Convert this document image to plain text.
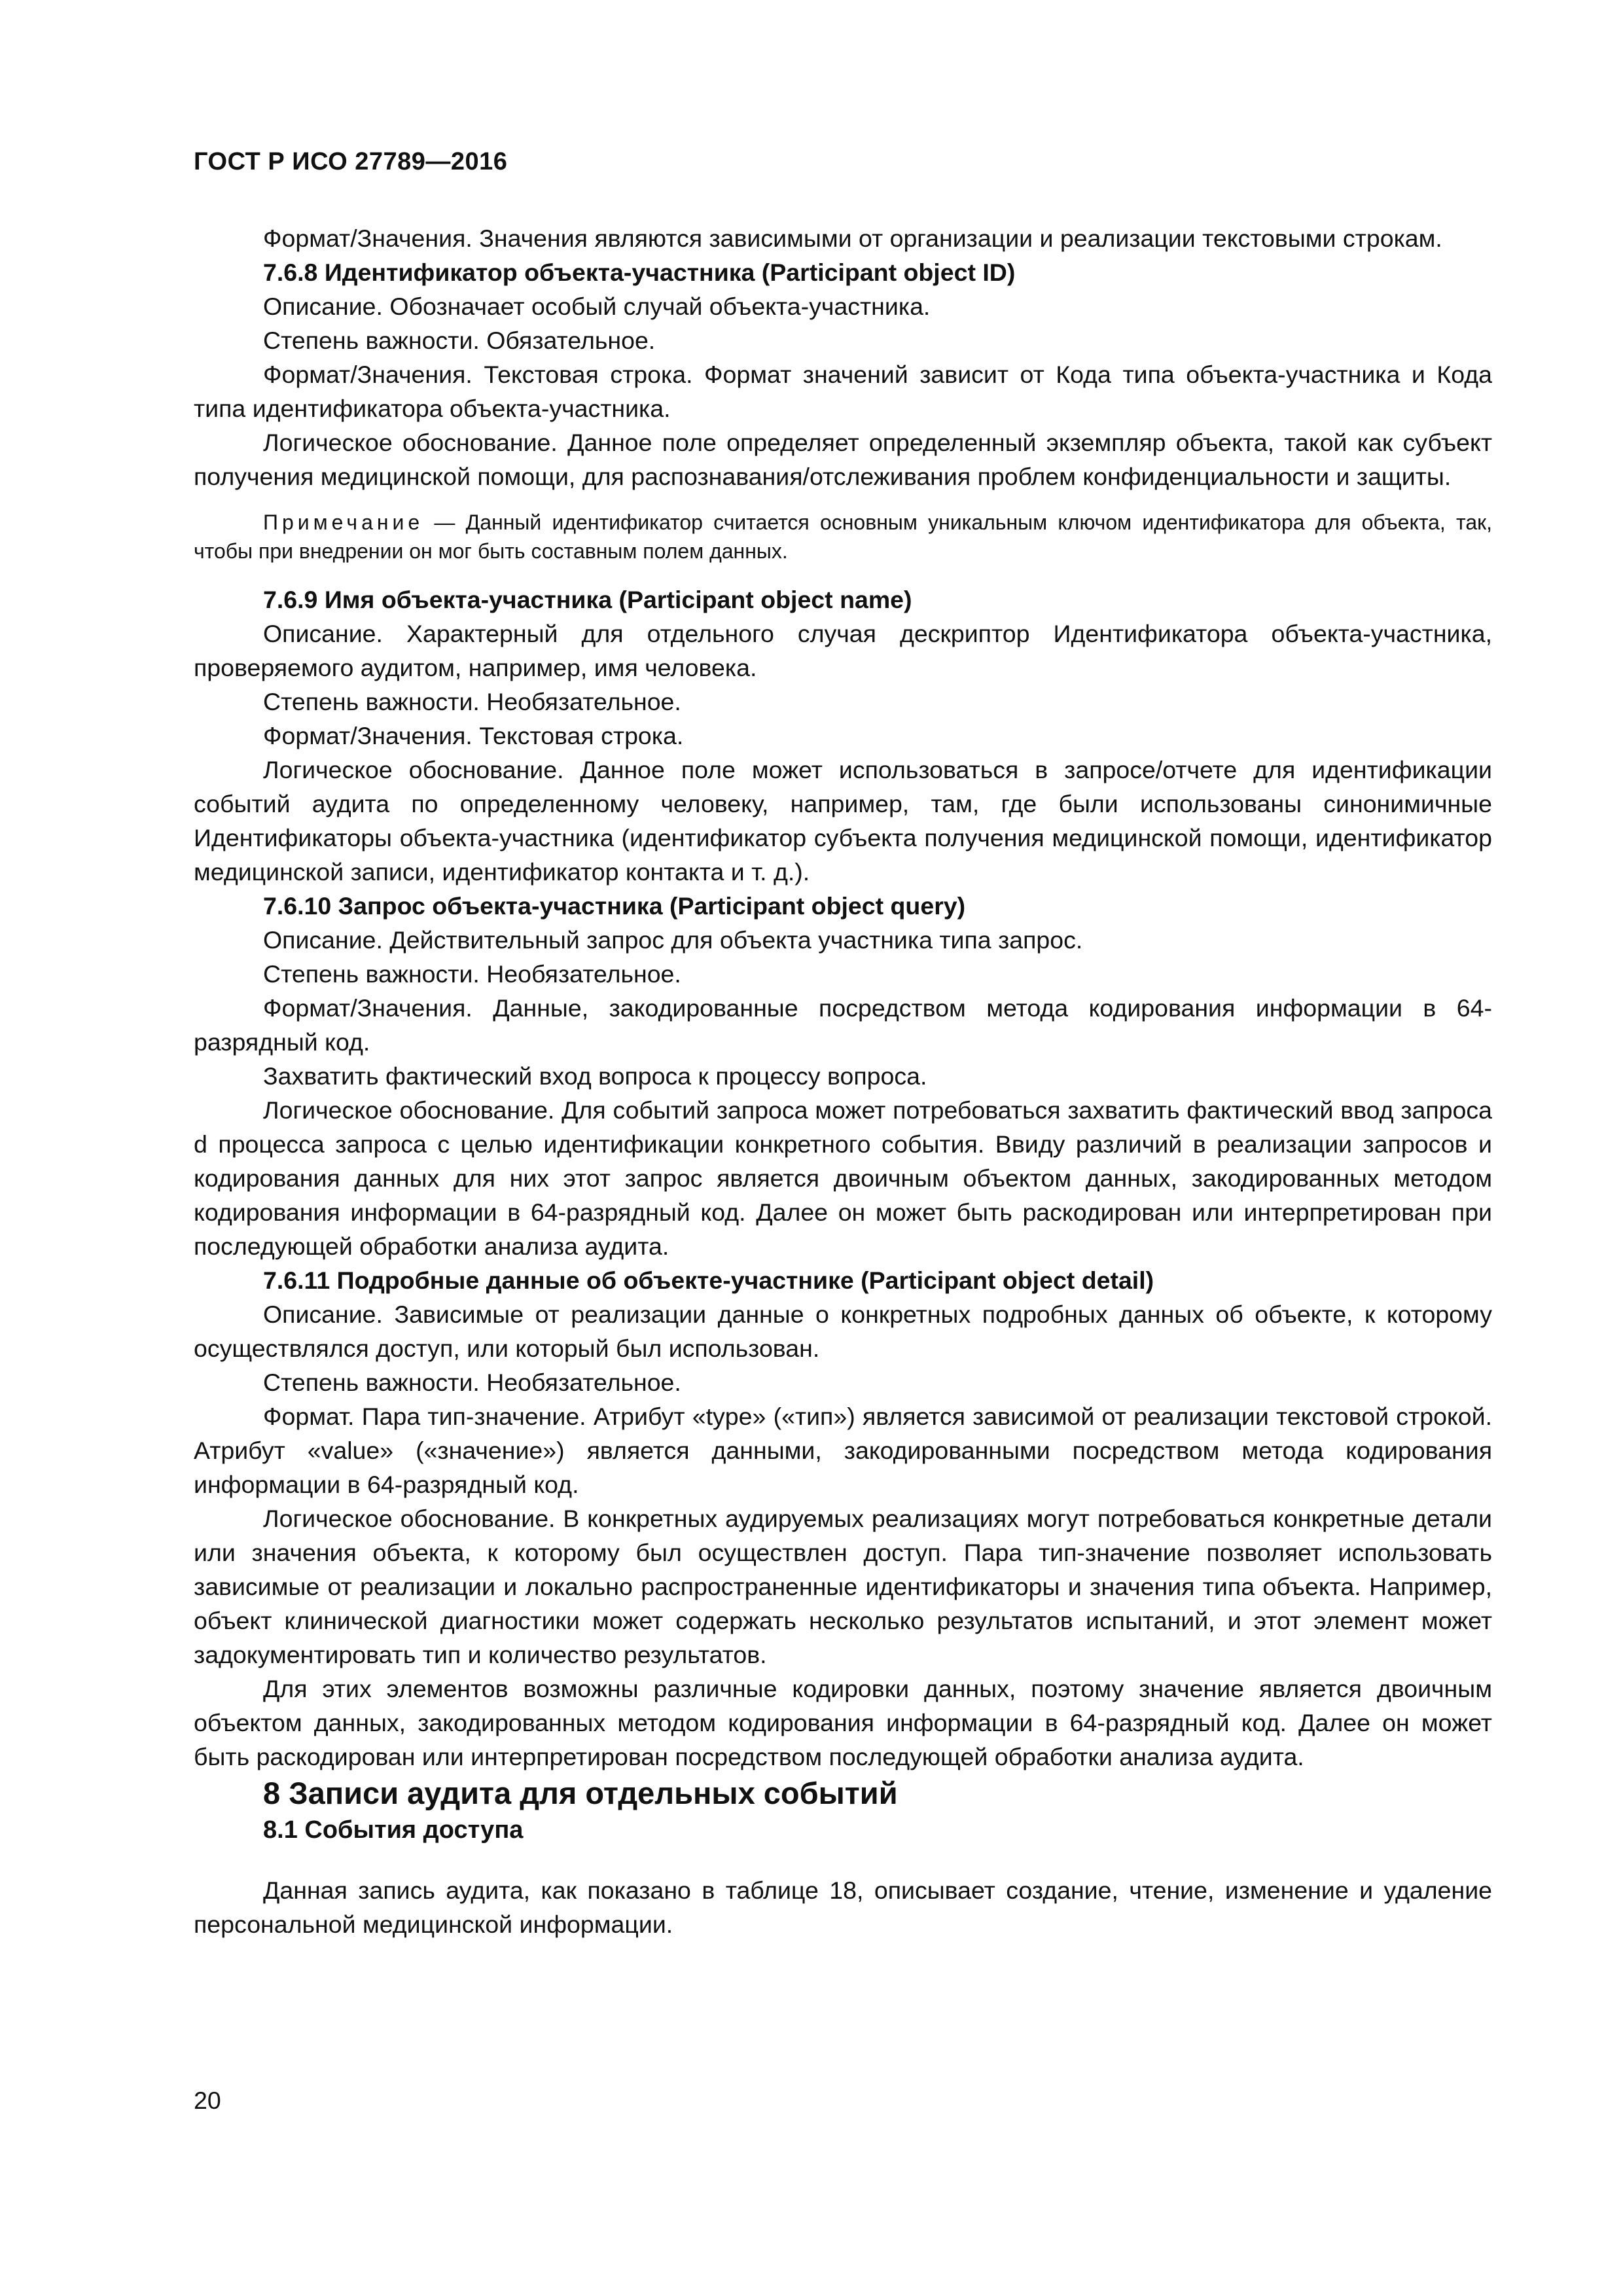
ГОСТ Р ИСО 27789—2016

Формат/Значения. Значения являются зависимыми от организации и реализации текстовыми строкам.

7.6.8 Идентификатор объекта-участника (Participant object ID)

Описание. Обозначает особый случай объекта-участника.

Степень важности. Обязательное.

Формат/Значения. Текстовая строка. Формат значений зависит от Кода типа объекта-участника и Кода типа идентификатора объекта-участника.

Логическое обоснование. Данное поле определяет определенный экземпляр объекта, такой как субъект получения медицинской помощи, для распознавания/отслеживания проблем конфиденциальности и защиты.

Примечание — Данный идентификатор считается основным уникальным ключом идентификатора для объекта, так, чтобы при внедрении он мог быть составным полем данных.

7.6.9 Имя объекта-участника (Participant object name)

Описание. Характерный для отдельного случая дескриптор Идентификатора объекта-участника, проверяемого аудитом, например, имя человека.

Степень важности. Необязательное.

Формат/Значения. Текстовая строка.

Логическое обоснование. Данное поле может использоваться в запросе/отчете для идентификации событий аудита по определенному человеку, например, там, где были использованы синонимичные Идентификаторы объекта-участника (идентификатор субъекта получения медицинской помощи, идентификатор медицинской записи, идентификатор контакта и т. д.).

7.6.10 Запрос объекта-участника (Participant object query)

Описание. Действительный запрос для объекта участника типа запрос.

Степень важности. Необязательное.

Формат/Значения. Данные, закодированные посредством метода кодирования информации в 64-разрядный код.

Захватить фактический вход вопроса к процессу вопроса.

Логическое обоснование. Для событий запроса может потребоваться захватить фактический ввод запроса d процесса запроса с целью идентификации конкретного события. Ввиду различий в реализации запросов и кодирования данных для них этот запрос является двоичным объектом данных, закодированных методом кодирования информации в 64-разрядный код. Далее он может быть раскодирован или интерпретирован при последующей обработки анализа аудита.

7.6.11 Подробные данные об объекте-участнике (Participant object detail)

Описание. Зависимые от реализации данные о конкретных подробных данных об объекте, к которому осуществлялся доступ, или который был использован.

Степень важности. Необязательное.

Формат. Пара тип-значение. Атрибут «type» («тип») является зависимой от реализации текстовой строкой. Атрибут «value» («значение») является данными, закодированными посредством метода кодирования информации в 64-разрядный код.

Логическое обоснование. В конкретных аудируемых реализациях могут потребоваться конкретные детали или значения объекта, к которому был осуществлен доступ. Пара тип-значение позволяет использовать зависимые от реализации и локально распространенные идентификаторы и значения типа объекта. Например, объект клинической диагностики может содержать несколько результатов испытаний, и этот элемент может задокументировать тип и количество результатов.

Для этих элементов возможны различные кодировки данных, поэтому значение является двоичным объектом данных, закодированных методом кодирования информации в 64-разрядный код. Далее он может быть раскодирован или интерпретирован посредством последующей обработки анализа аудита.

8 Записи аудита для отдельных событий

8.1 События доступа

Данная запись аудита, как показано в таблице 18, описывает создание, чтение, изменение и удаление персональной медицинской информации.

20
